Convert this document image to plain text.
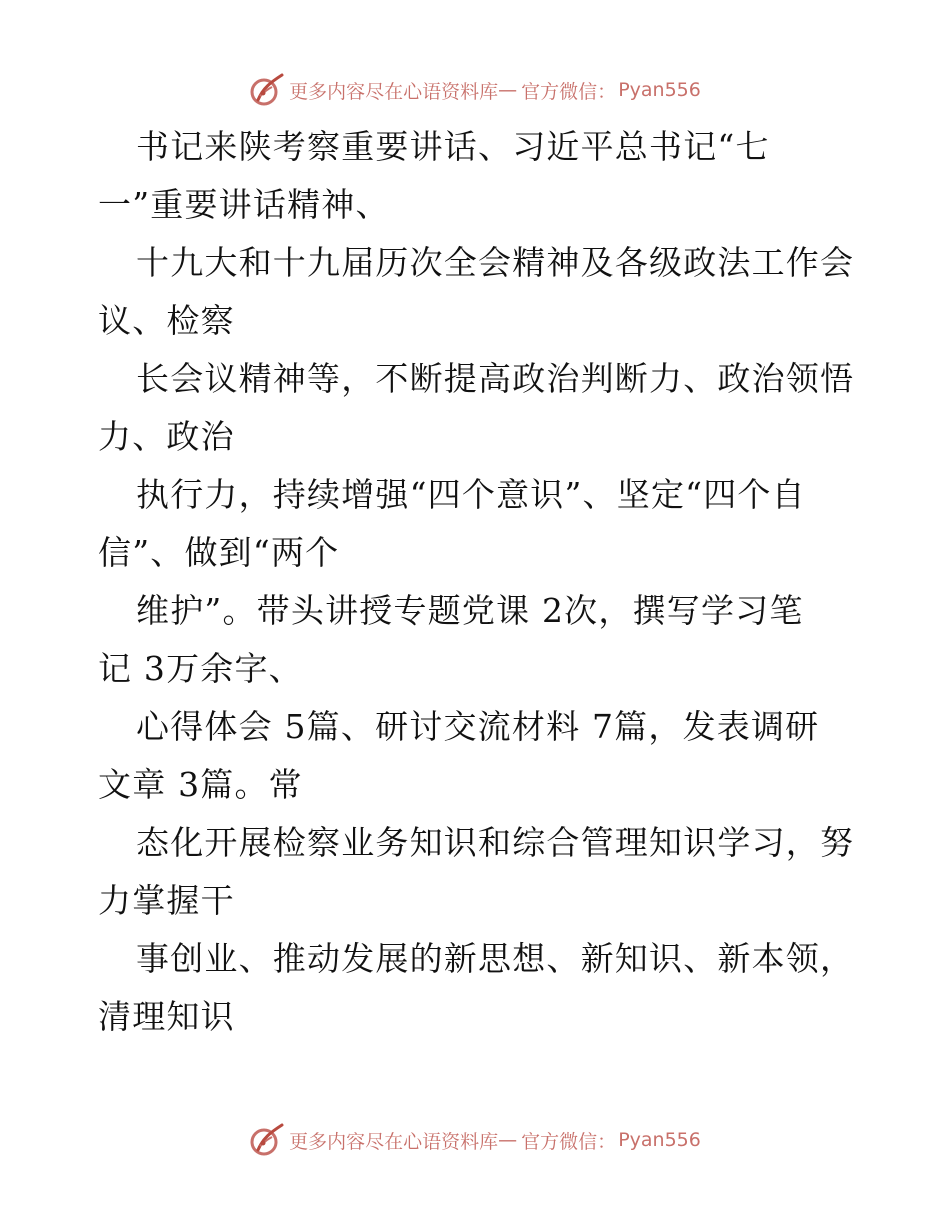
更多内容尽在心语资料库 — 官方微信： Pyan556
书记来陕考察重要讲话、习近平总书记“七
一”重要讲话精神、
十九大和十九届历次全会精神及各级政法工作会
议、检察
长会议精神等，不断提高政治判断力、政治领悟
力、政治
执行力，持续增强“四个意识”、坚定“四个自
信”、做到“两个
维护”。带头讲授专题党课 2次，撰写学习笔
记 3万余字、
心得体会 5篇、研讨交流材料 7篇，发表调研
文章 3篇。常
态化开展检察业务知识和综合管理知识学习，努
力掌握干
事创业、推动发展的新思想、新知识、新本领，
清理知识
更多内容尽在心语资料库 — 官方微信： Pyan556
